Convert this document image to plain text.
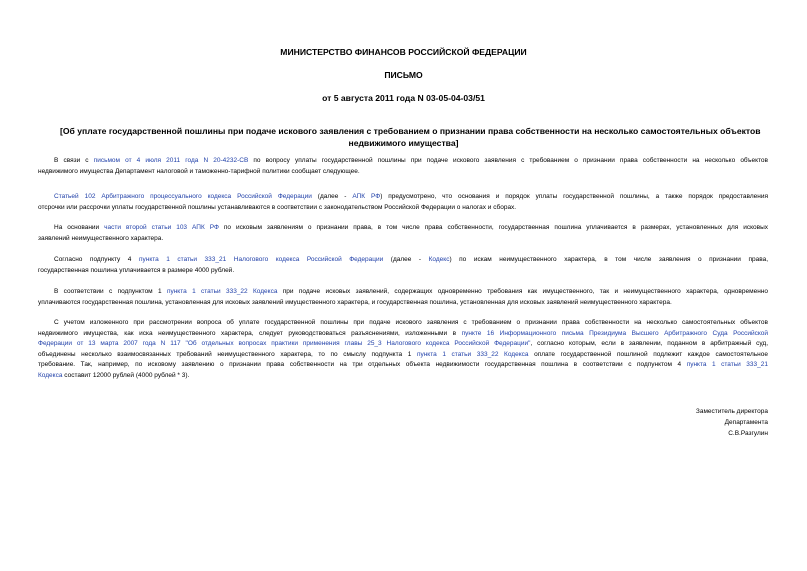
МИНИСТЕРСТВО ФИНАНСОВ РОССИЙСКОЙ ФЕДЕРАЦИИ
ПИСЬМО
от 5 августа 2011 года N 03-05-04-03/51
[Об уплате государственной пошлины при подаче искового заявления с требованием о признании права собственности на несколько самостоятельных объектов
недвижимого имущества]
В связи с письмом от 4 июля 2011 года N 20-4232-СВ по вопросу уплаты государственной пошлины при подаче искового заявления с требованием о признании права собственности на несколько объектов
недвижимого имущества Департамент налоговой и таможенно-тарифной политики сообщает следующее.
Статьей 102 Арбитражного процессуального кодекса Российской Федерации (далее - АПК РФ) предусмотрено, что основания и порядок уплаты государственной пошлины, а также порядок предоставления
отсрочки или рассрочки уплаты государственной пошлины устанавливаются в соответствии с законодательством Российской Федерации о налогах и сборах.
На основании части второй статьи 103 АПК РФ по исковым заявлениям о признании права, в том числе права собственности, государственная пошлина уплачивается в размерах, установленных для исковых
заявлений неимущественного характера.
Согласно подпункту 4 пункта 1 статьи 333_21 Налогового кодекса Российской Федерации (далее - Кодекс) по искам неимущественного характера, в том числе заявления о признании права,
государственная пошлина уплачивается в размере 4000 рублей.
В соответствии с подпунктом 1 пункта 1 статьи 333_22 Кодекса при подаче исковых заявлений, содержащих одновременно требования как имущественного, так и неимущественного характера, одновременно
уплачиваются государственная пошлина, установленная для исковых заявлений имущественного характера, и государственная пошлина, установленная для исковых заявлений неимущественного характера.
С учетом изложенного при рассмотрении вопроса об уплате государственной пошлины при подаче искового заявления с требованием о признании права собственности на несколько самостоятельных объектов
недвижимого имущества, как иска неимущественного характера, следует руководствоваться разъяснениями, изложенными в пункте 16 Информационного письма Президиума Высшего Арбитражного Суда Российской
Федерации от 13 марта 2007 года N 117 "Об отдельных вопросах практики применения главы 25_3 Налогового кодекса Российской Федерации", согласно которым, если в заявлении, поданном в арбитражный суд,
объединены несколько взаимосвязанных требований неимущественного характера, то по смыслу подпункта 1 пункта 1 статьи 333_22 Кодекса оплате государственной пошлиной подлежит каждое самостоятельное
требование. Так, например, по исковому заявлению о признании права собственности на три отдельных объекта недвижимости государственная пошлина в соответствии с подпунктом 4 пункта 1 статьи 333_21
Кодекса составит 12000 рублей (4000 рублей * 3).
Заместитель директора
Департамента
С.В.Разгулин
